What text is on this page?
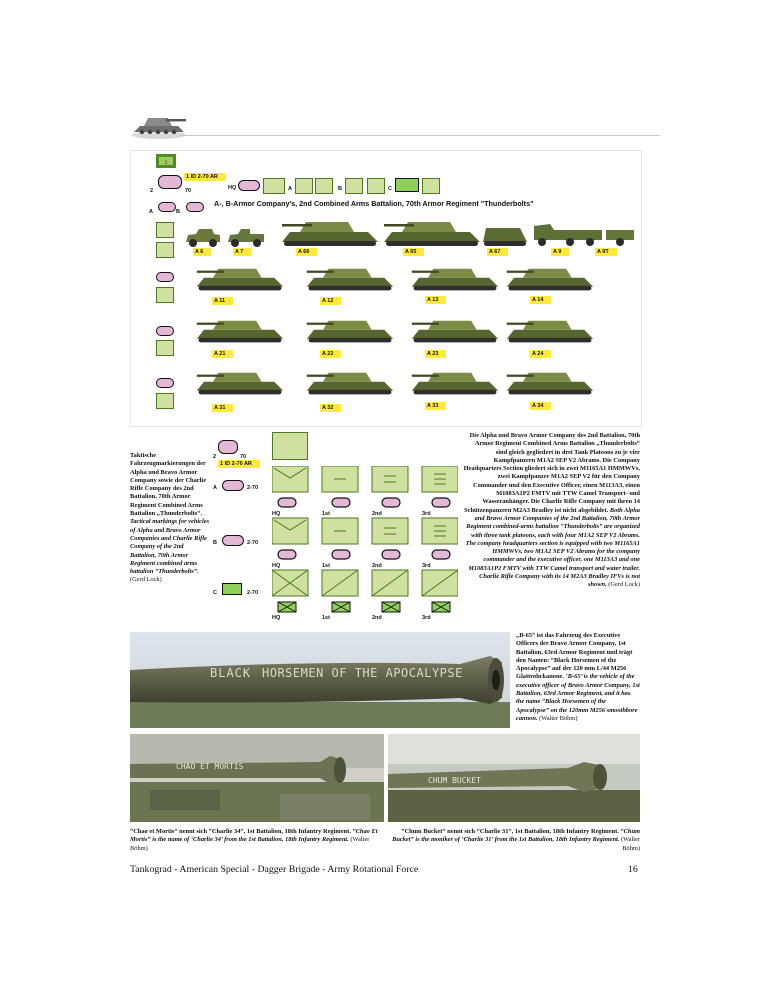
1
2	70
1 ID 2-70 AR
HQ	A	B	C
A-, B-Armor Company's, 2nd Combined Arms Battalion, 70th Armor Regiment "Thunderbolts"
A	B
A 6	A 7	A 66	A 65	A 67	A 9	A 9T
A 11	A 12	A 13	A 14
A 21	A 22	A 23	A 24
A 31	A 32	A 33	A 34
Taktische Fahrzeugmarkierungen der Alpha und Bravo Armor Company sowie der Charlie Rifle Company des 2nd Battalion, 70th Armor Regiment Combined Arms Battalion „Thunderbolts“. Tactical markings for vehicles of Alpha and Bravo Armor Companies and Charlie Rifle Company of the 2nd Battalion, 70th Armor Regiment combined arms battalion “Thunderbolts”. (Gerd Lock)
2	70
1 ID 2-70 AR
A	2-70
B	2-70
C	2-70
HQ	1st	2nd	3rd
HQ	1st	2nd	3rd
HQ	1st	2nd	3rd
Die Alpha und Bravo Armor Company des 2nd Battalion, 70th Armor Regiment Combined Arms Battalion „Thunderbolts“ sind gleich gegliedert in drei Tank Platoons zu je vier Kampfpanzern M1A2 SEP V2 Abrams. Die Company Headquarters Section gliedert sich in zwei M1165A1 HMMWVs, zwei Kampfpanzer M1A2 SEP V2 für den Company Commander und den Executive Officer, einen M113A3, einen M1083A1P2 FMTV mit TTW Camel Transport- und Wasseranhänger. Die Charlie Rifle Company mit ihren 14 Schützenpanzern M2A3 Bradley ist nicht abgebildet. Both Alpha and Bravo Armor Companies of the 2nd Battalion, 70th Armor Regiment combined-arms battalion “Thunderbolts” are organized with three tank platoons, each with four M1A2 SEP V2 Abrams. The company headquarters section is equipped with two M1165A1 HMMWVs, two M1A2 SEP V2 Abrams for the company commander and the executive officer, one M113A3 and one M1083A1P2 FMTV with TTW Camel transport and water trailer. Charlie Rifle Company with its 14 M2A3 Bradley IFVs is not shown. (Gerd Lock)
BLACK HORSEMEN OF THE APOCALYPSE
„B-65“ ist das Fahrzeug des Executive Officers der Bravo Armor Company, 1st Battalion, 63rd Armor Regiment und trägt den Namen: “Black Horsemen of the Apocalypse” auf der 120 mm L/44 M256 Glattrohrkanone. ‘B-65’ is the vehicle of the executive officer of Bravo Armor Company, 1st Battalion, 63rd Armor Regiment, and it has the name “Black Horsemen of the Apocalypse” on the 120mm M256 smoothbore cannon. (Walter Böhm)
CHAO ET MORTIS
CHUM BUCKET
“Chao et Mortis“ nennt sich “Charlie 34“, 1st Battalion, 18th Infantry Regiment. “Chao Et Mortis” is the name of ‘Charlie 34’ from the 1st Battalion, 18th Infantry Regiment. (Walter Böhm)
“Chum Bucket“ nennt sich “Charlie 31“, 1st Battalion, 18th Infantry Regiment. “Chum Bucket” is the moniker of ‘Charlie 31’ from the 1st Battalion, 18th Infantry Regiment. (Walter Böhm)
Tankograd - American Special - Dagger Brigade - Army Rotational Force	16
